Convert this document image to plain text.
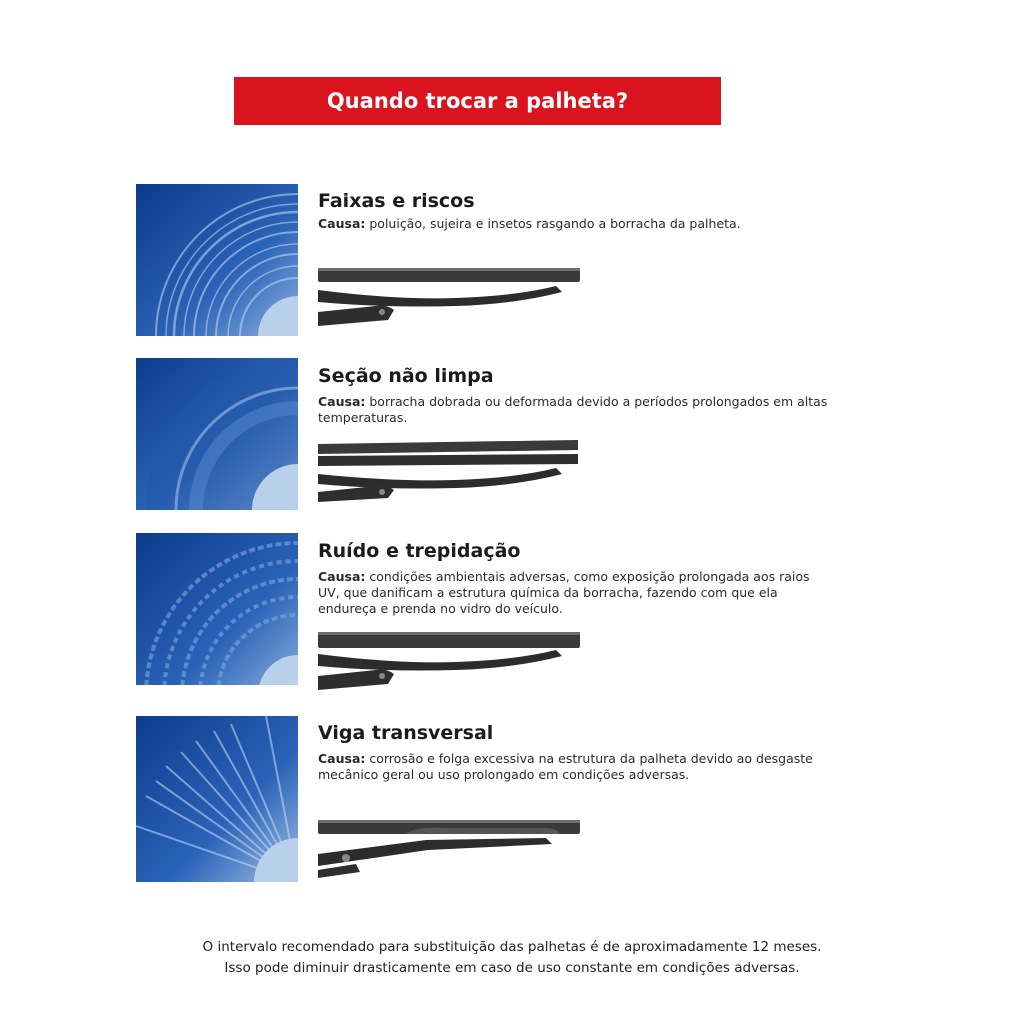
Quando trocar a palheta?
Faixas e riscos
Causa: poluição, sujeira e insetos rasgando a borracha da palheta.
Seção não limpa
Causa: borracha dobrada ou deformada devido a períodos prolongados em altas temperaturas.
Ruído e trepidação
Causa: condições ambientais adversas, como exposição prolongada aos raios UV, que danificam a estrutura química da borracha, fazendo com que ela endureça e prenda no vidro do veículo.
Viga transversal
Causa: corrosão e folga excessiva na estrutura da palheta devido ao desgaste mecânico geral ou uso prolongado em condições adversas.
O intervalo recomendado para substituição das palhetas é de aproximadamente 12 meses.
Isso pode diminuir drasticamente em caso de uso constante em condições adversas.
